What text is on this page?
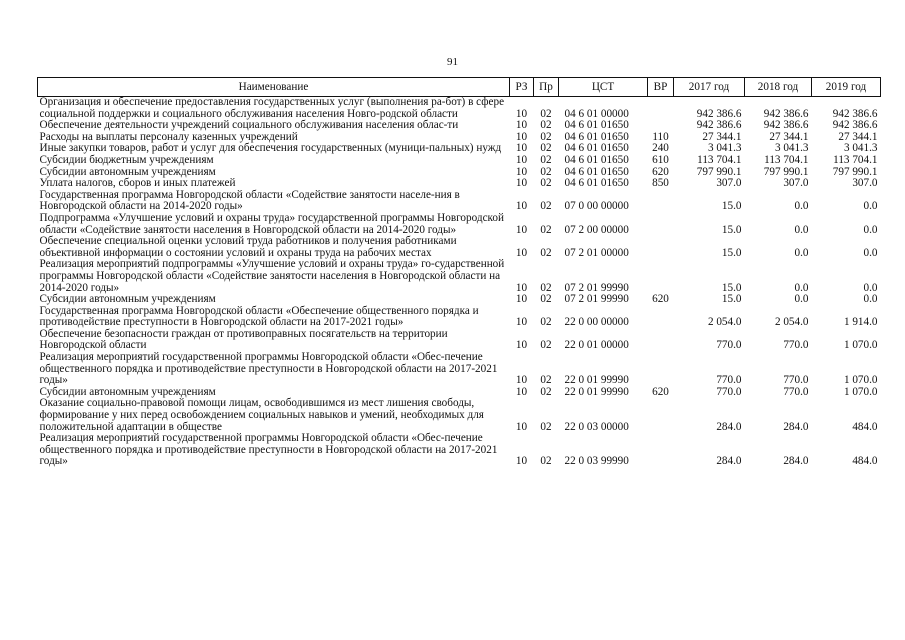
91
Наименование	РЗ	Пр	ЦСТ	ВР	2017 год	2018 год	2019 год
Организация и обеспечение предоставления государственных услуг (выполнения ра-бот) в сфере социальной поддержки и социального обслуживания населения Новго-родской области	10	02	04 6 01 00000		942 386.6	942 386.6	942 386.6
Обеспечение деятельности учреждений социального обслуживания населения облас-ти	10	02	04 6 01 01650		942 386.6	942 386.6	942 386.6
Расходы на выплаты персоналу казенных учреждений	10	02	04 6 01 01650	110	27 344.1	27 344.1	27 344.1
Иные закупки товаров, работ и услуг для обеспечения государственных (муници-пальных) нужд	10	02	04 6 01 01650	240	3 041.3	3 041.3	3 041.3
Субсидии бюджетным учреждениям	10	02	04 6 01 01650	610	113 704.1	113 704.1	113 704.1
Субсидии автономным учреждениям	10	02	04 6 01 01650	620	797 990.1	797 990.1	797 990.1
Уплата налогов, сборов и иных платежей	10	02	04 6 01 01650	850	307.0	307.0	307.0
Государственная программа Новгородской области «Содействие занятости населе-ния в Новгородской области на 2014-2020 годы»	10	02	07 0 00 00000		15.0	0.0	0.0
Подпрограмма «Улучшение условий и охраны труда» государственной программы Новгородской области «Содействие занятости населения в Новгородской области на 2014-2020 годы»	10	02	07 2 00 00000		15.0	0.0	0.0
Обеспечение специальной оценки условий труда работников и получения работниками объективной информации о состоянии условий и охраны труда на рабочих местах	10	02	07 2 01 00000		15.0	0.0	0.0
Реализация мероприятий подпрограммы «Улучшение условий и охраны труда» го-сударственной программы Новгородской области «Содействие занятости населения в Новгородской области на 2014-2020 годы»	10	02	07 2 01 99990		15.0	0.0	0.0
Субсидии автономным учреждениям	10	02	07 2 01 99990	620	15.0	0.0	0.0
Государственная программа Новгородской области «Обеспечение общественного порядка и противодействие преступности в Новгородской области на 2017-2021 годы»	10	02	22 0 00 00000		2 054.0	2 054.0	1 914.0
Обеспечение безопасности граждан от противоправных посягательств на территории Новгородской области	10	02	22 0 01 00000		770.0	770.0	1 070.0
Реализация мероприятий государственной программы Новгородской области «Обес-печение общественного порядка и противодействие преступности в Новгородской области на 2017-2021 годы»	10	02	22 0 01 99990		770.0	770.0	1 070.0
Субсидии автономным учреждениям	10	02	22 0 01 99990	620	770.0	770.0	1 070.0
Оказание социально-правовой помощи лицам, освободившимся из мест лишения свободы, формирование у них перед освобождением социальных навыков и умений, необходимых для положительной адаптации в обществе	10	02	22 0 03 00000		284.0	284.0	484.0
Реализация мероприятий государственной программы Новгородской области «Обес-печение общественного порядка и противодействие преступности в Новгородской области на 2017-2021 годы»	10	02	22 0 03 99990		284.0	284.0	484.0
